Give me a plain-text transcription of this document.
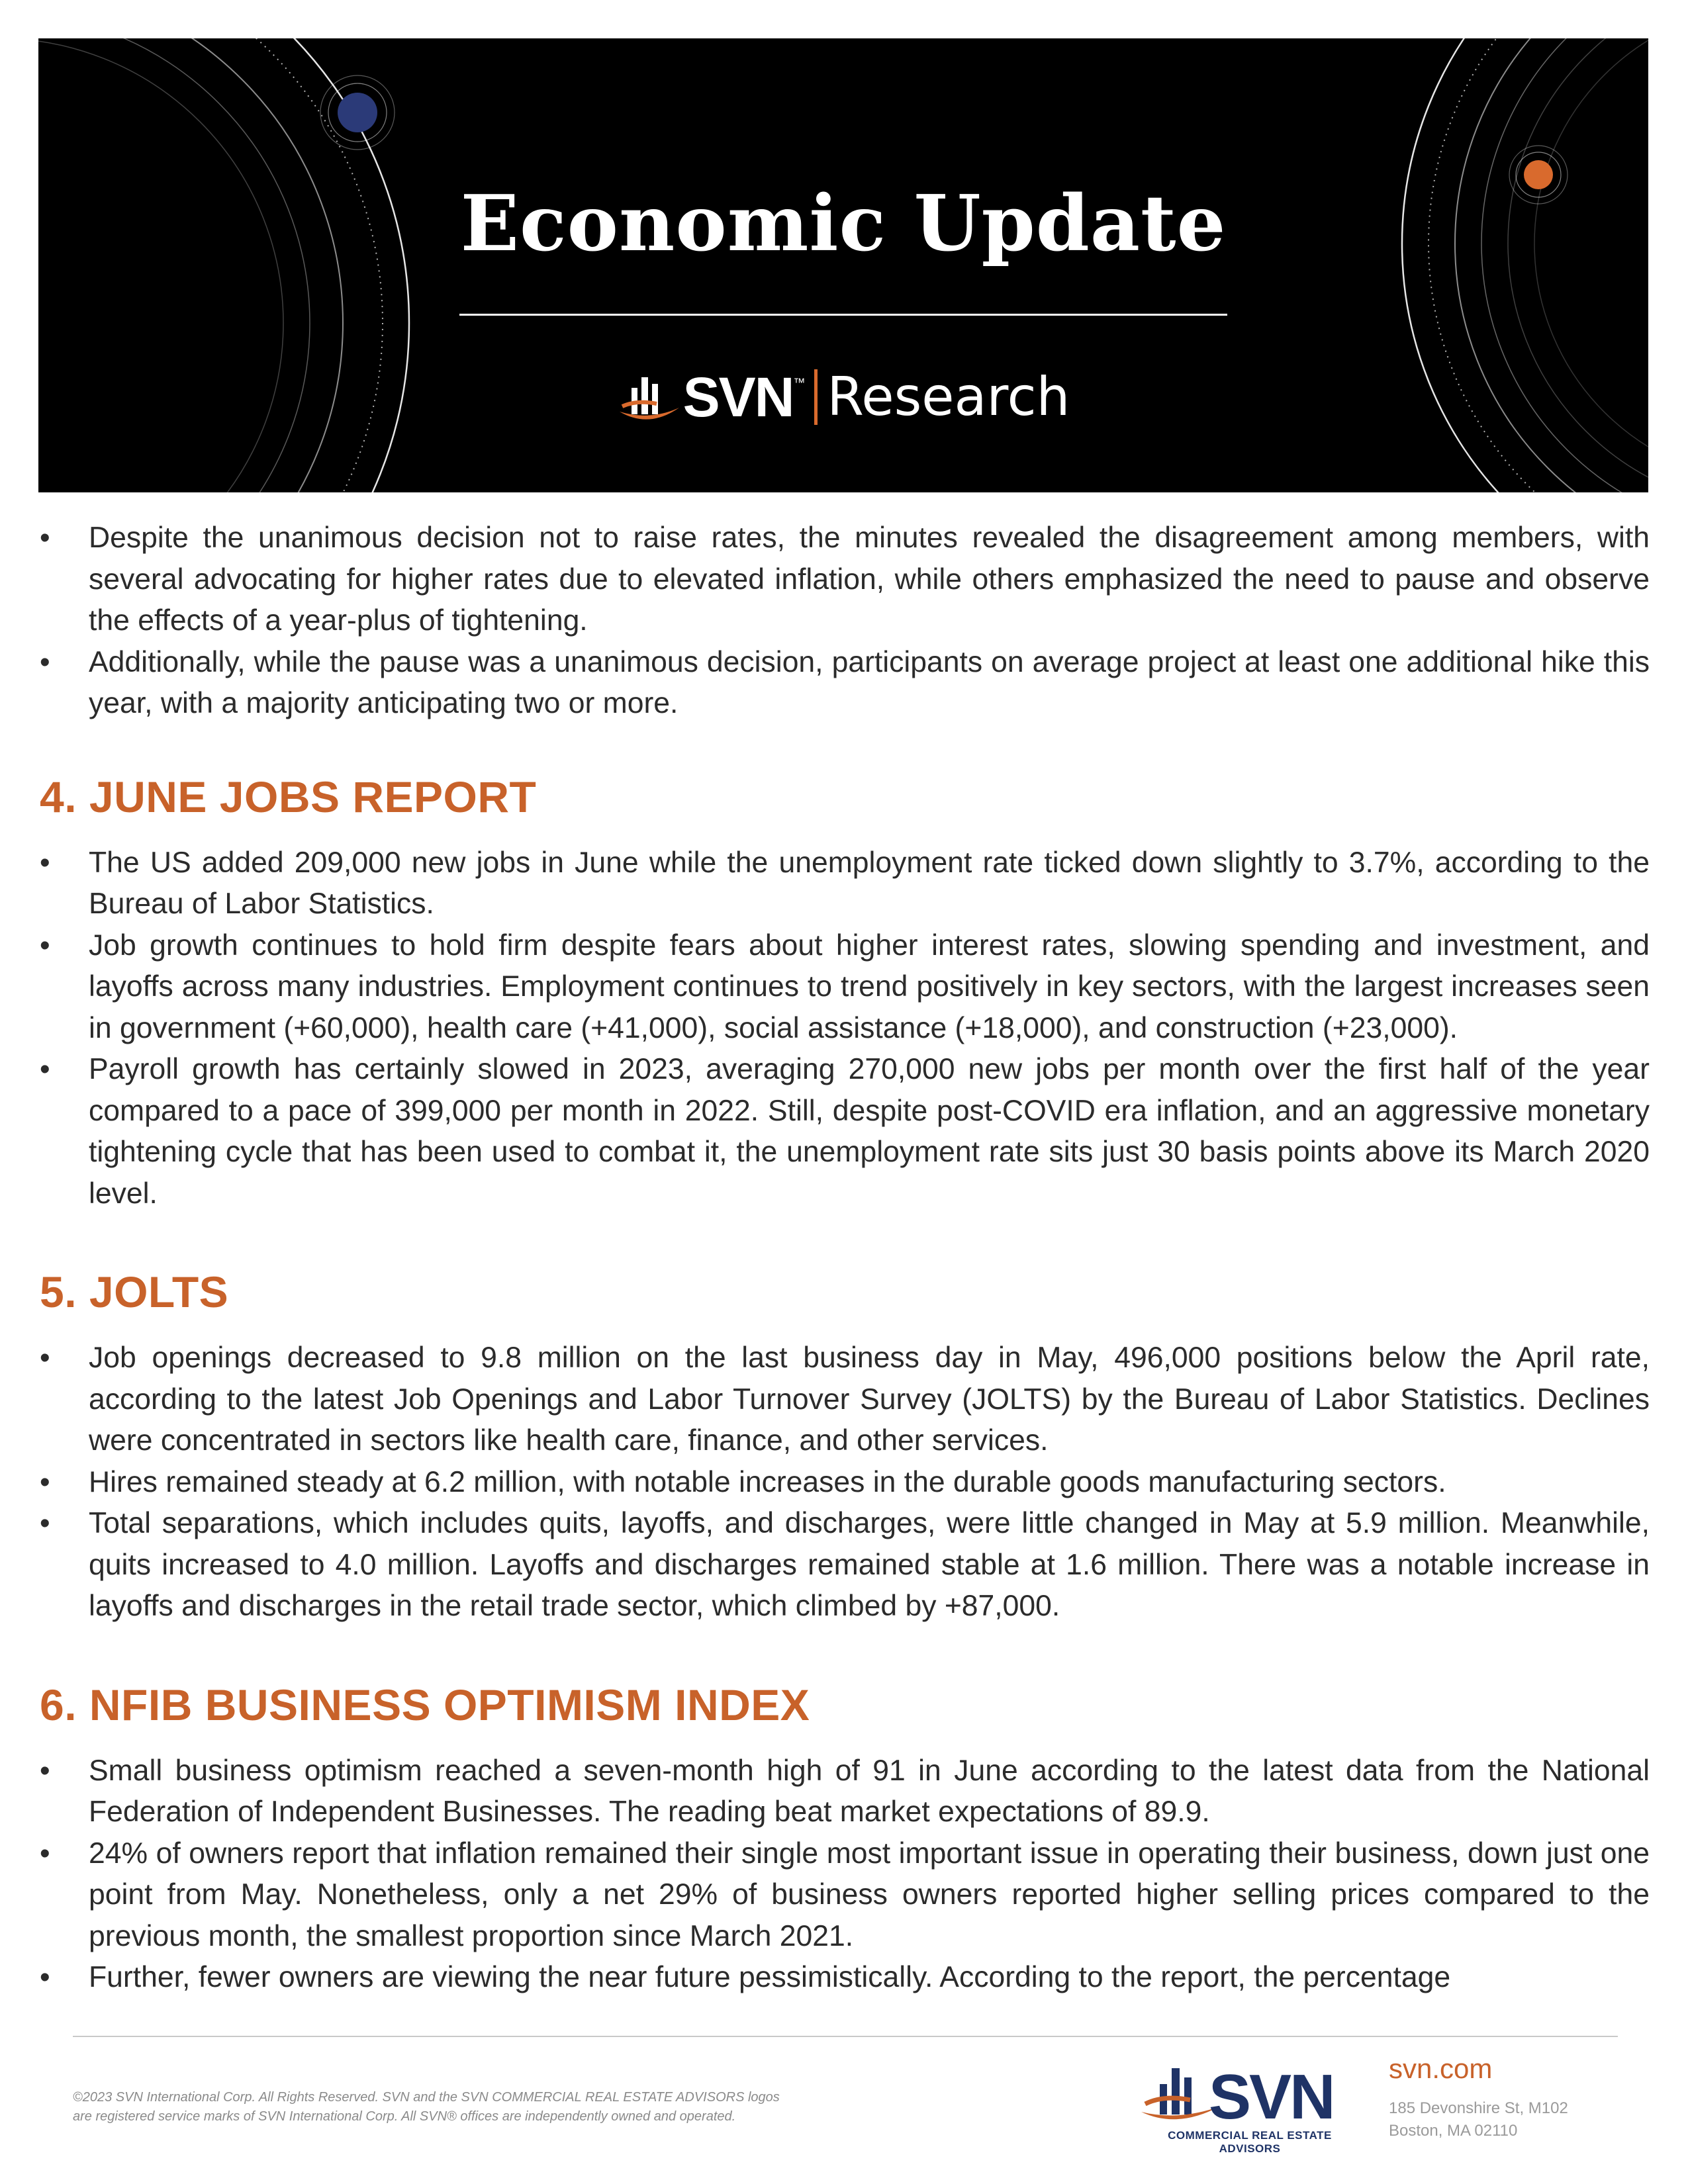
Economic Update
SVN ™ Research
•	Despite the unanimous decision not to raise rates, the minutes revealed the disagreement among members, with several advocating for higher rates due to elevated inflation, while others emphasized the need to pause and observe the effects of a year-plus of tightening.
•	Additionally, while the pause was a unanimous decision, participants on average project at least one additional hike this year, with a majority anticipating two or more.
4. JUNE JOBS REPORT
•	The US added 209,000 new jobs in June while the unemployment rate ticked down slightly to 3.7%, according to the Bureau of Labor Statistics.
•	Job growth continues to hold firm despite fears about higher interest rates, slowing spending and investment, and layoffs across many industries. Employment continues to trend positively in key sectors, with the largest increases seen in government (+60,000), health care (+41,000), social assistance (+18,000), and construction (+23,000).
•	Payroll growth has certainly slowed in 2023, averaging 270,000 new jobs per month over the first half of the year compared to a pace of 399,000 per month in 2022. Still, despite post-COVID era inflation, and an aggressive monetary tightening cycle that has been used to combat it, the unemployment rate sits just 30 basis points above its March 2020 level.
5. JOLTS
•	Job openings decreased to 9.8 million on the last business day in May, 496,000 positions below the April rate, according to the latest Job Openings and Labor Turnover Survey (JOLTS) by the Bureau of Labor Statistics. Declines were concentrated in sectors like health care, finance, and other services.
•	Hires remained steady at 6.2 million, with notable increases in the durable goods manufacturing sectors.
•	Total separations, which includes quits, layoffs, and discharges, were little changed in May at 5.9 million. Meanwhile, quits increased to 4.0 million. Layoffs and discharges remained stable at 1.6 million. There was a notable increase in layoffs and discharges in the retail trade sector, which climbed by +87,000.
6. NFIB BUSINESS OPTIMISM INDEX
•	Small business optimism reached a seven-month high of 91 in June according to the latest data from the National Federation of Independent Businesses. The reading beat market expectations of 89.9.
•	24% of owners report that inflation remained their single most important issue in operating their business, down just one point from May. Nonetheless, only a net 29% of business owners reported higher selling prices compared to the previous month, the smallest proportion since March 2021.
•	Further, fewer owners are viewing the near future pessimistically. According to the report, the percentage
©2023 SVN International Corp. All Rights Reserved. SVN and the SVN COMMERCIAL REAL ESTATE ADVISORS logos
are registered service marks of SVN International Corp. All SVN® offices are independently owned and operated.	SVN
COMMERCIAL REAL ESTATE ADVISORS
svn.com
185 Devonshire St, M102
Boston, MA 02110
